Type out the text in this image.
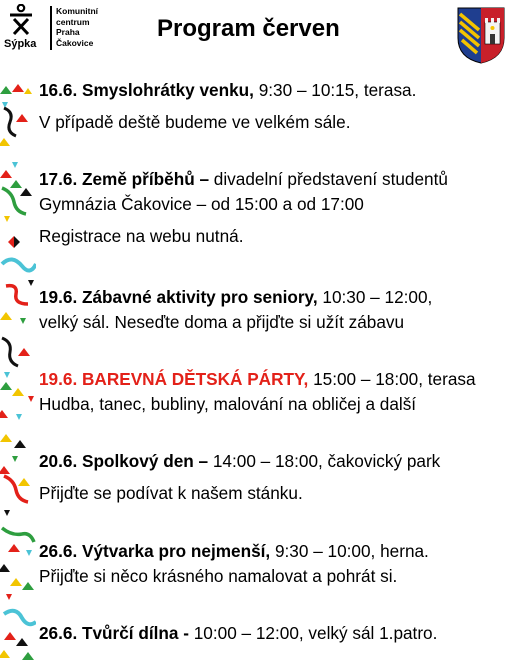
Sýpka
Komunitní
centrum
Praha
Čakovice
Program červen

16.6. Smyslohrátky venku, 9:30 – 10:15, terasa.

V případě deště budeme ve velkém sále.

17.6. Země příběhů – divadelní představení studentů

Gymnázia Čakovice – od 15:00 a od 17:00

Registrace na webu nutná.

19.6. Zábavné aktivity pro seniory, 10:30 – 12:00,

velký sál. Neseďte doma a přijďte si užít zábavu

19.6. BAREVNÁ DĚTSKÁ PÁRTY, 15:00 – 18:00, terasa

Hudba, tanec, bubliny, malování na obličej a další

20.6. Spolkový den – 14:00 – 18:00, čakovický park

Přijďte se podívat k našem stánku.

26.6. Výtvarka pro nejmenší, 9:30 – 10:00, herna.

Přijďte si něco krásného namalovat a pohrát si.

26.6. Tvůrčí dílna - 10:00 – 12:00, velký sál 1.patro.
